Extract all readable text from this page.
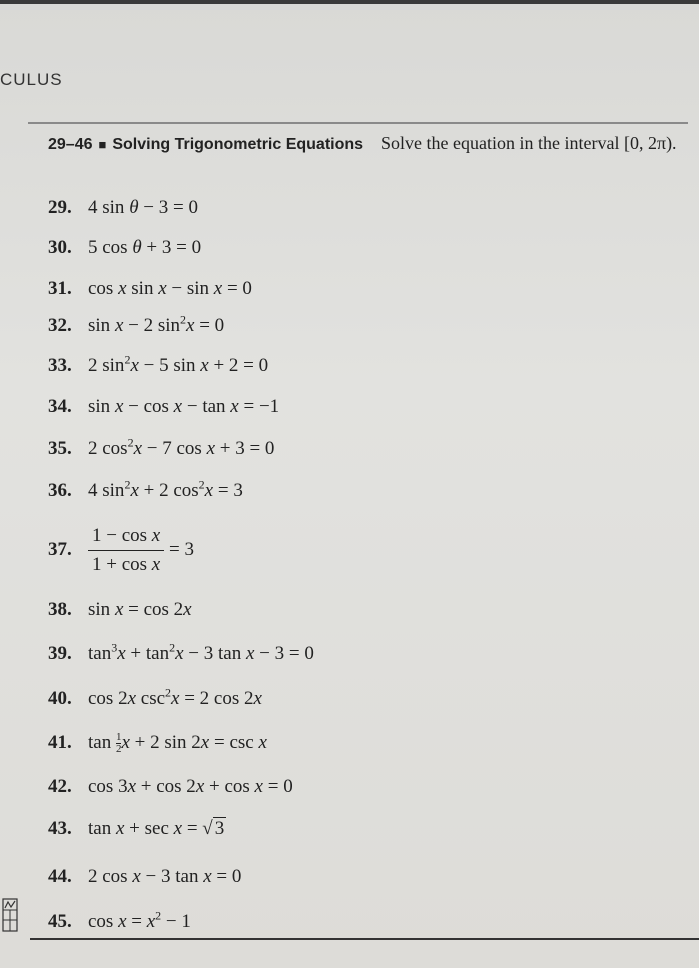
CULUS
29–46 ■ Solving Trigonometric Equations Solve the equation in the interval [0, 2π).
29. 4 sin θ − 3 = 0
30. 5 cos θ + 3 = 0
31. cos x sin x − sin x = 0
32. sin x − 2 $\sin^2x = 0$
33. 2 $\sin^2x - 5$ sin x + 2 = 0
34. sin x − cos x − tan x = −1
35. 2 $\cos^2x - 7$ cos x + 3 = 0
36. 4 $\sin^2x + 2$ $\cos^2x = 3$
37. $\frac{\text{1 − cos x}}{\text{1 + cos x}} = 3$
38. sin x = cos 2x
39. $\tan^3x + \tan^2x - 3$ tan x − 3 = 0
40. cos 2x $\csc^2x = 2$ cos 2x
41. $\tan \frac{1}{2}$ x + 2 sin 2x = csc x
42. cos 3x + cos 2x + cos x = 0
43. tan x + sec x = √ 3
44. 2 cos x − 3 tan x = 0
45. $\cos x = x^2 - 1$
